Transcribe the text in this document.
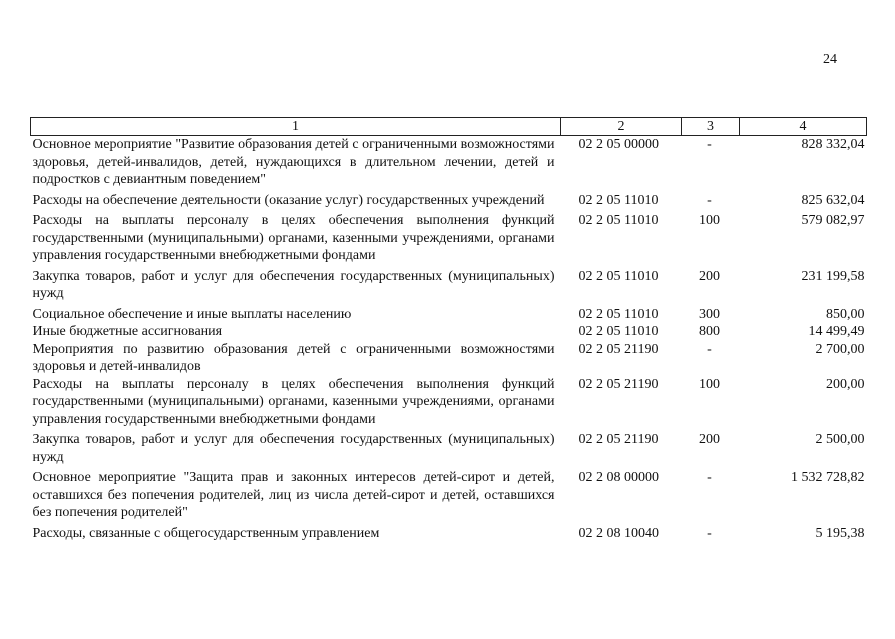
24
1	2	3	4
Основное мероприятие "Развитие образования детей с ограниченными возможностями здоровья, детей-инвалидов, детей, нуждающихся в длительном лечении, детей и подростков с девиантным поведением"	02 2 05 00000	-	828 332,04
Расходы на обеспечение деятельности (оказание услуг) государственных учреждений	02 2 05 11010	-	825 632,04
Расходы на выплаты персоналу в целях обеспечения выполнения функций государственными (муниципальными) органами, казенными учреждениями, органами управления государственными внебюджетными фондами	02 2 05 11010	100	579 082,97
Закупка товаров, работ и услуг для обеспечения государственных (муниципальных) нужд	02 2 05 11010	200	231 199,58
Социальное обеспечение и иные выплаты населению	02 2 05 11010	300	850,00
Иные бюджетные ассигнования	02 2 05 11010	800	14 499,49
Мероприятия по развитию образования детей с ограниченными возможностями здоровья и детей-инвалидов	02 2 05 21190	-	2 700,00
Расходы на выплаты персоналу в целях обеспечения выполнения функций государственными (муниципальными) органами, казенными учреждениями, органами управления государственными внебюджетными фондами	02 2 05 21190	100	200,00
Закупка товаров, работ и услуг для обеспечения государственных (муниципальных) нужд	02 2 05 21190	200	2 500,00
Основное мероприятие "Защита прав и законных интересов детей-сирот и детей, оставшихся без попечения родителей, лиц из числа детей-сирот и детей, оставшихся без попечения родителей"	02 2 08 00000	-	1 532 728,82
Расходы, связанные с общегосударственным управлением	02 2 08 10040	-	5 195,38
